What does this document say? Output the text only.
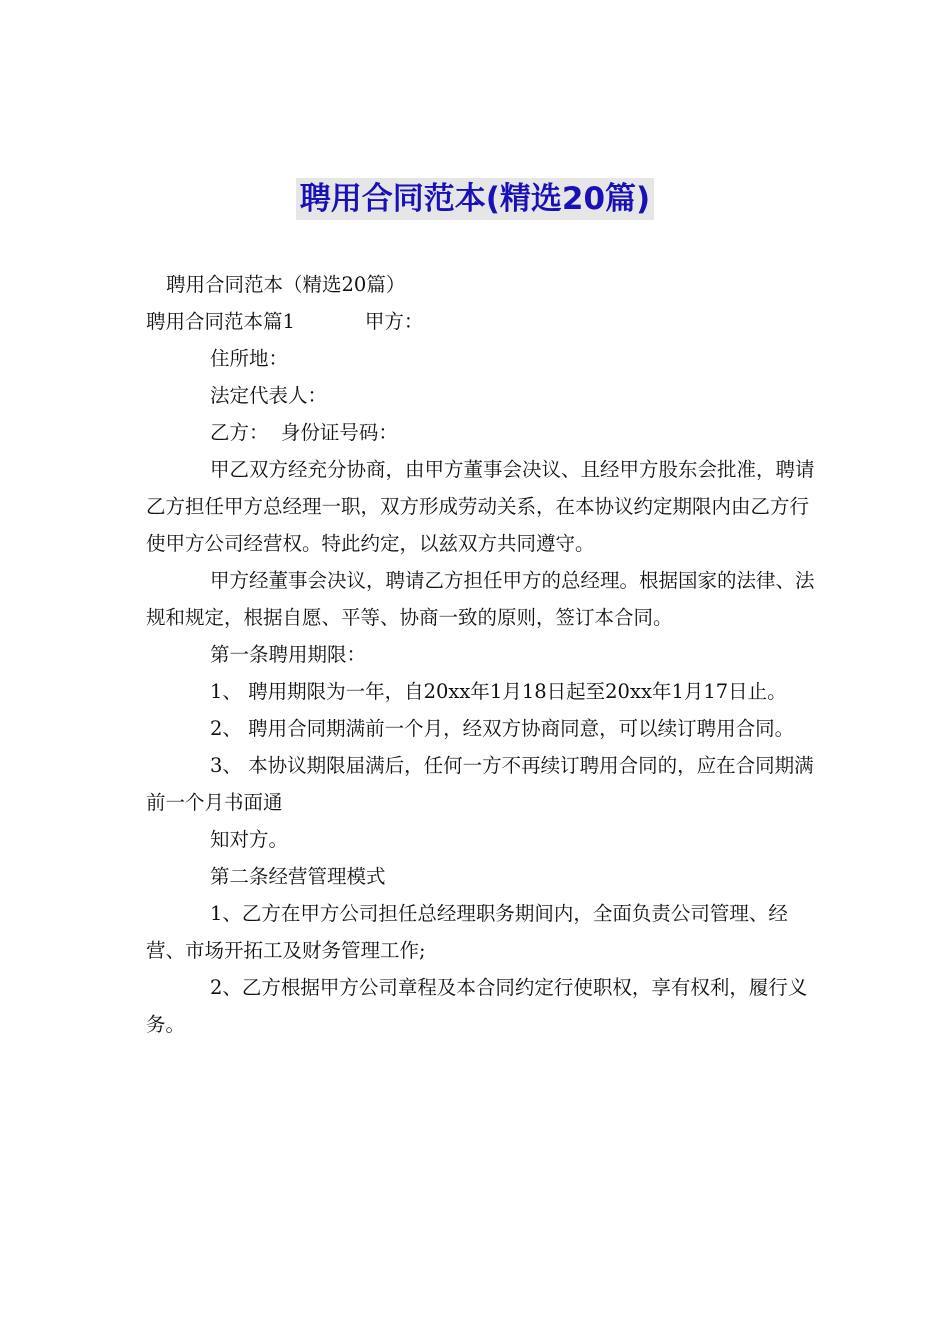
聘用合同范本(精选20篇)

聘用合同范本（精选20篇）

聘用合同范本篇1	甲方：

住所地：

法定代表人：

乙方：  身份证号码：

甲乙双方经充分协商，由甲方董事会决议、且经甲方股东会批准，聘请乙方担任甲方总经理一职，双方形成劳动关系，在本协议约定期限内由乙方行使甲方公司经营权。特此约定，以兹双方共同遵守。

甲方经董事会决议，聘请乙方担任甲方的总经理。根据国家的法律、法规和规定，根据自愿、平等、协商一致的原则，签订本合同。

第一条聘用期限：

1、 聘用期限为一年，自20xx年1月18日起至20xx年1月17日止。

2、 聘用合同期满前一个月，经双方协商同意，可以续订聘用合同。

3、 本协议期限届满后，任何一方不再续订聘用合同的，应在合同期满前一个月书面通

知对方。

第二条经营管理模式

1、乙方在甲方公司担任总经理职务期间内，全面负责公司管理、经营、市场开拓工及财务管理工作;

2、乙方根据甲方公司章程及本合同约定行使职权，享有权利，履行义务。
